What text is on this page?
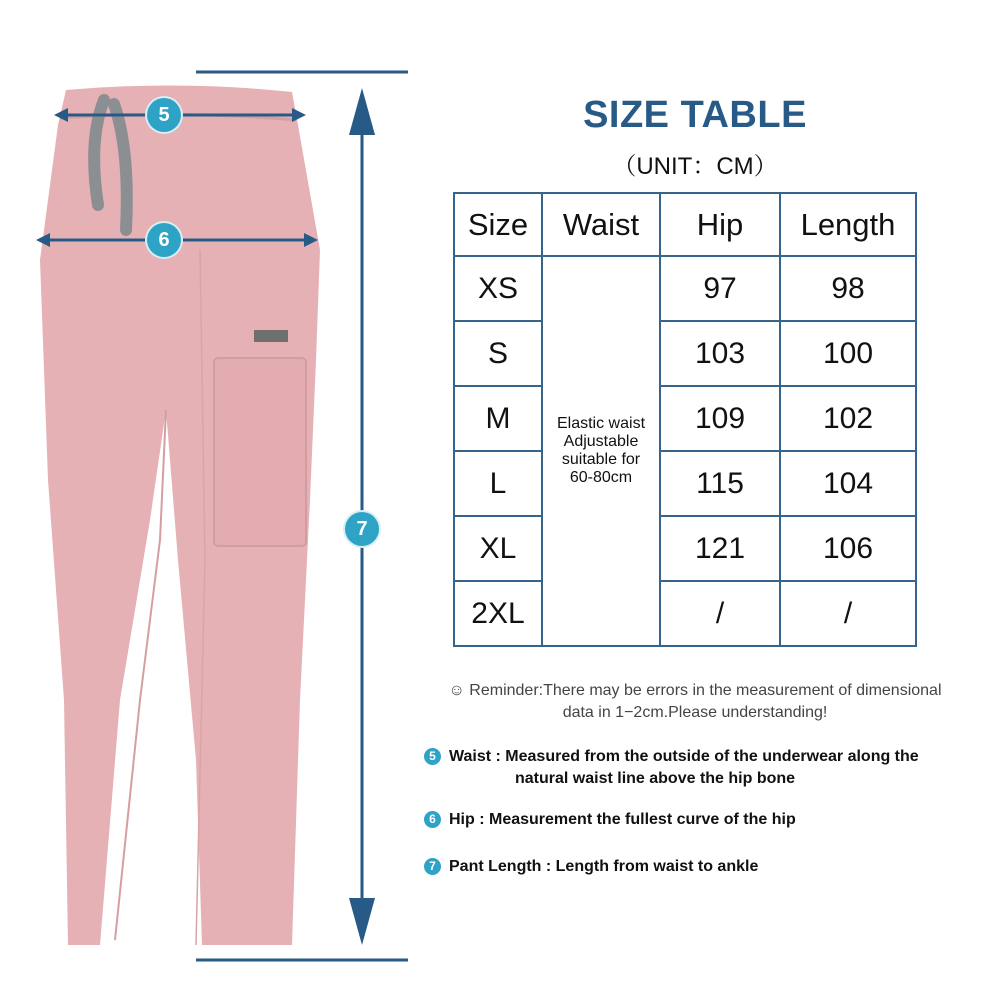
5
6
7
SIZE TABLE
（UNIT：CM）
Size	Waist	Hip	Length
XS	Elastic waist
Adjustable
suitable for
60-80cm	97	98
S		103	100
M		109	102
L		115	104
XL		121	106
2XL		/	/
☺ Reminder:There may be errors in the measurement of dimensional
data in 1−2cm.Please understanding!
5 Waist : Measured from the outside of the underwear along the
natural waist line above the hip bone
6 Hip : Measurement the fullest curve of the hip
7 Pant Length : Length from waist to ankle
